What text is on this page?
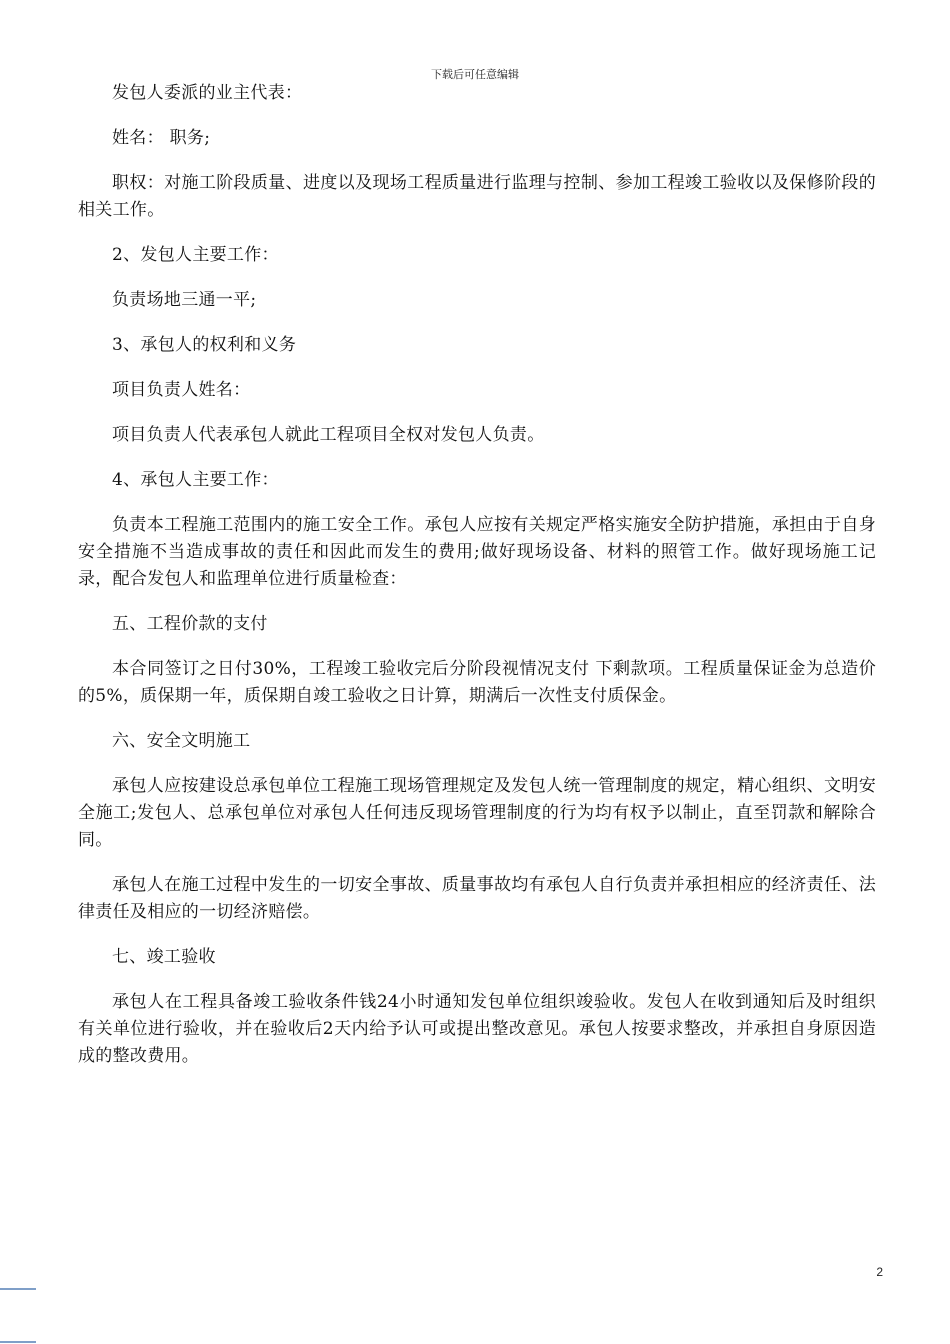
下载后可任意编辑

发包人委派的业主代表：

姓名： 职务;

职权：对施工阶段质量、进度以及现场工程质量进行监理与控制、参加工程竣工验收以及保修阶段的相关工作。

2、发包人主要工作：

负责场地三通一平;

3、承包人的权利和义务

项目负责人姓名：

项目负责人代表承包人就此工程项目全权对发包人负责。

4、承包人主要工作：

负责本工程施工范围内的施工安全工作。承包人应按有关规定严格实施安全防护措施，承担由于自身安全措施不当造成事故的责任和因此而发生的费用;做好现场设备、材料的照管工作。做好现场施工记录，配合发包人和监理单位进行质量检查：

五、工程价款的支付

本合同签订之日付30%，工程竣工验收完后分阶段视情况支付 下剩款项。工程质量保证金为总造价的5%，质保期一年，质保期自竣工验收之日计算，期满后一次性支付质保金。

六、安全文明施工

承包人应按建设总承包单位工程施工现场管理规定及发包人统一管理制度的规定，精心组织、文明安全施工;发包人、总承包单位对承包人任何违反现场管理制度的行为均有权予以制止，直至罚款和解除合同。

承包人在施工过程中发生的一切安全事故、质量事故均有承包人自行负责并承担相应的经济责任、法律责任及相应的一切经济赔偿。

七、竣工验收

承包人在工程具备竣工验收条件钱24小时通知发包单位组织竣验收。发包人在收到通知后及时组织有关单位进行验收，并在验收后2天内给予认可或提出整改意见。承包人按要求整改，并承担自身原因造成的整改费用。

2
